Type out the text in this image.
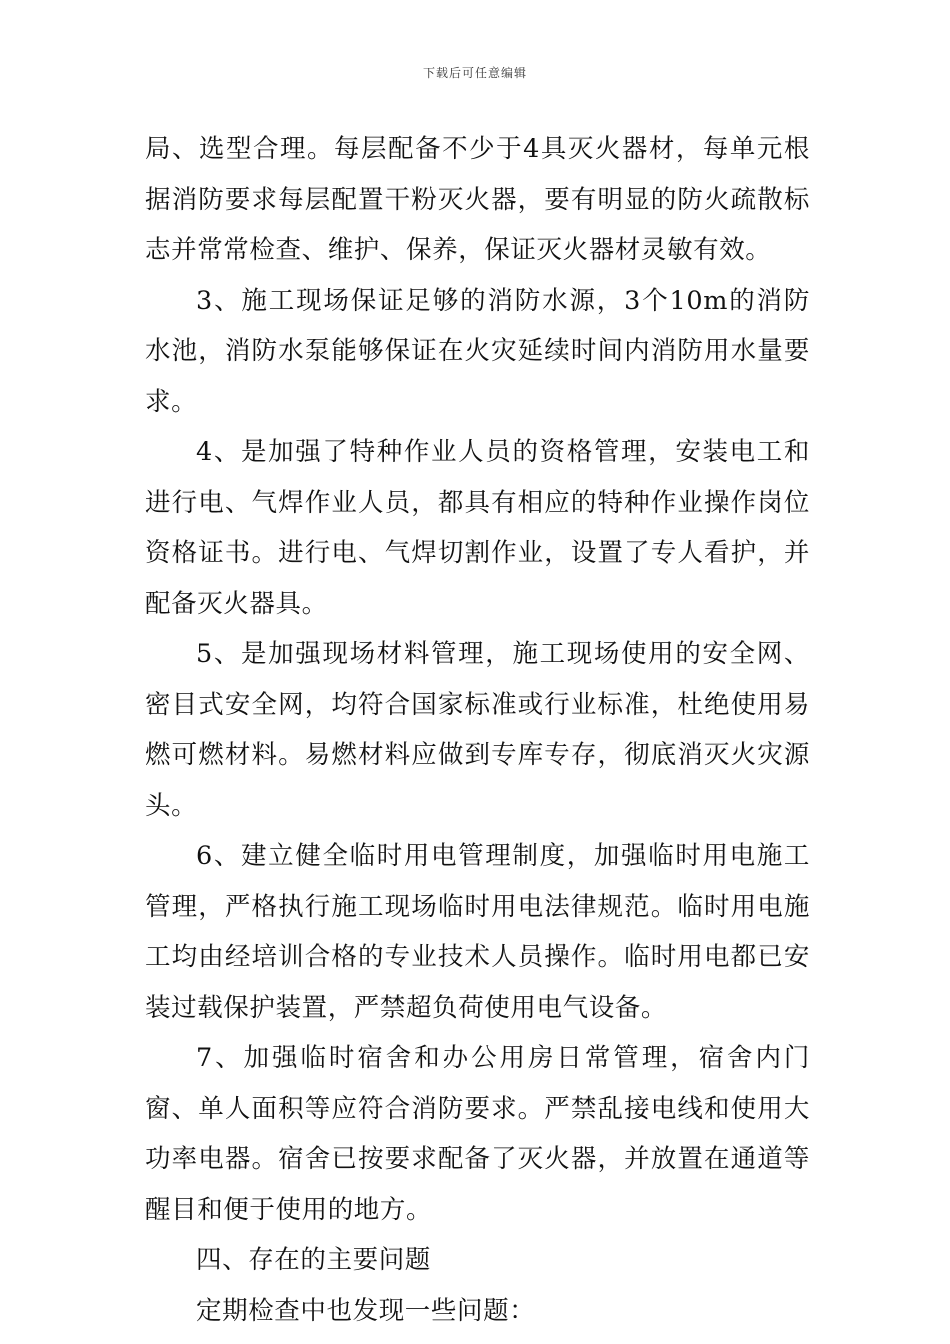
下载后可任意编辑

局、选型合理。每层配备不少于4具灭火器材，每单元根据消防要求每层配置干粉灭火器，要有明显的防火疏散标志并常常检查、维护、保养，保证灭火器材灵敏有效。

3、施工现场保证足够的消防水源，3个10m的消防水池，消防水泵能够保证在火灾延续时间内消防用水量要求。

4、是加强了特种作业人员的资格管理，安装电工和进行电、气焊作业人员，都具有相应的特种作业操作岗位资格证书。进行电、气焊切割作业，设置了专人看护，并配备灭火器具。

5、是加强现场材料管理，施工现场使用的安全网、密目式安全网，均符合国家标准或行业标准，杜绝使用易燃可燃材料。易燃材料应做到专库专存，彻底消灭火灾源头。

6、建立健全临时用电管理制度，加强临时用电施工管理，严格执行施工现场临时用电法律规范。临时用电施工均由经培训合格的专业技术人员操作。临时用电都已安装过载保护装置，严禁超负荷使用电气设备。

7、加强临时宿舍和办公用房日常管理，宿舍内门窗、单人面积等应符合消防要求。严禁乱接电线和使用大功率电器。宿舍已按要求配备了灭火器，并放置在通道等醒目和便于使用的地方。

四、存在的主要问题

定期检查中也发现一些问题：
